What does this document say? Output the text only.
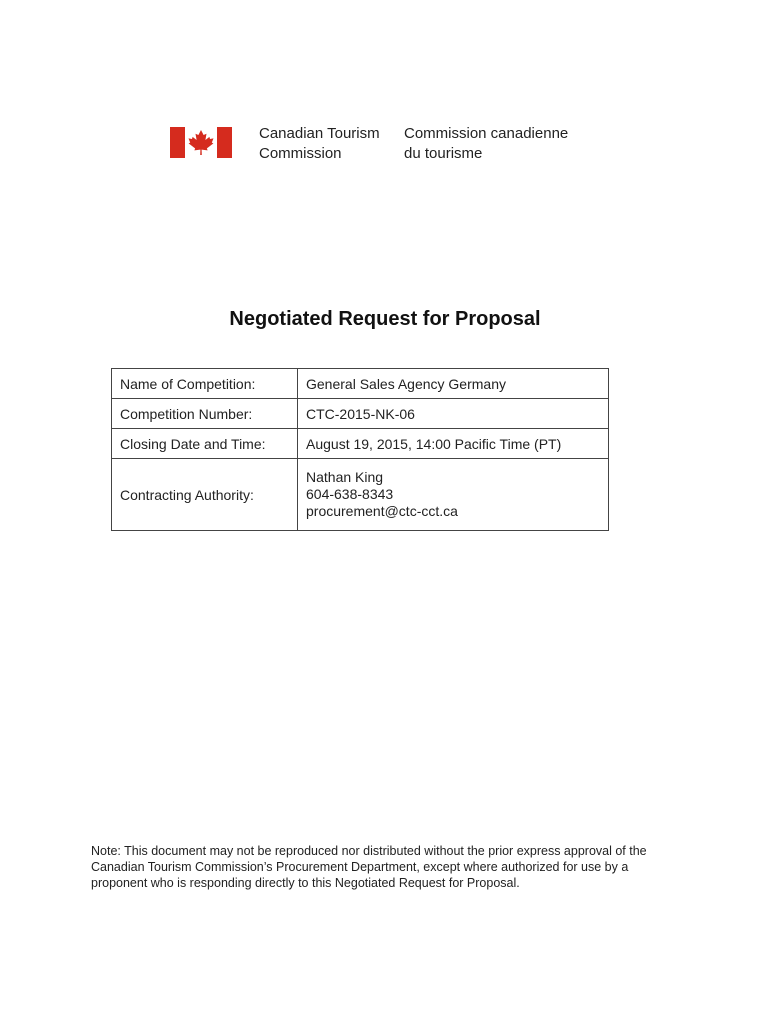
Canadian Tourism
Commission
Commission canadienne
du tourisme
Negotiated Request for Proposal
Name of Competition:	General Sales Agency Germany
Competition Number:	CTC-2015-NK-06
Closing Date and Time:	August 19, 2015, 14:00 Pacific Time (PT)
Contracting Authority:	Nathan King
604-638-8343
procurement@ctc-cct.ca

Note: This document may not be reproduced nor distributed without the prior express approval of the
Canadian Tourism Commission’s Procurement Department, except where authorized for use by a
proponent who is responding directly to this Negotiated Request for Proposal.
